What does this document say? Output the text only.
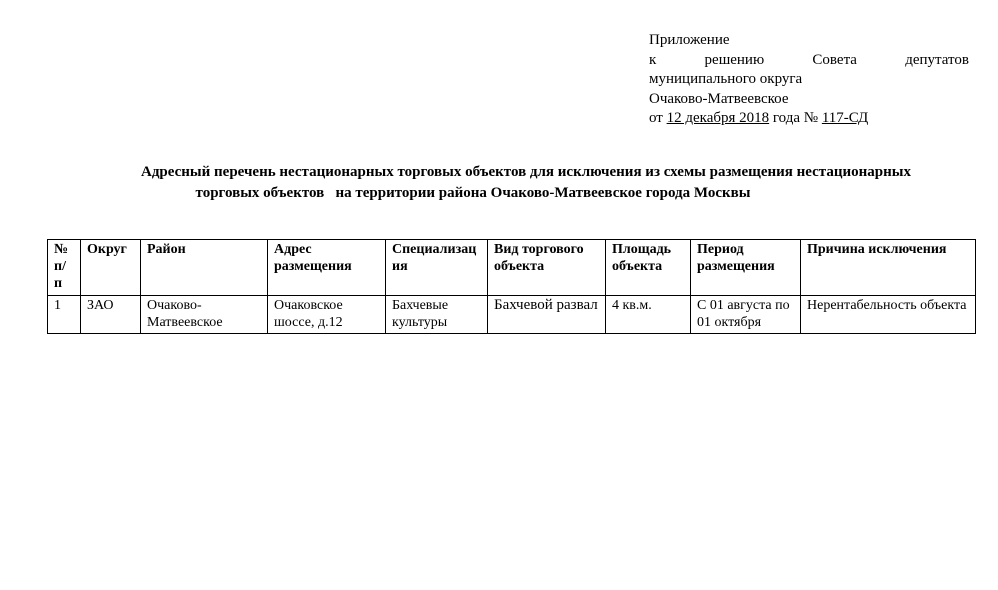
Приложение
к	решению	Совета	депутатов
муниципального округа
Очаково-Матвеевское
от 12 декабря 2018 года № 117-СД
Адресный перечень нестационарных торговых объектов для исключения из схемы размещения нестационарных
торговых объектов   на территории района Очаково-Матвеевское города Москвы
№ п/п	Округ	Район	Адрес размещения	Специализация	Вид торгового объекта	Площадь объекта	Период размещения	Причина исключения
1	ЗАО	Очаково-Матвеевское	Очаковское шоссе, д.12	Бахчевые культуры	Бахчевой развал	4 кв.м.	С 01 августа по 01 октября	Нерентабельность объекта
